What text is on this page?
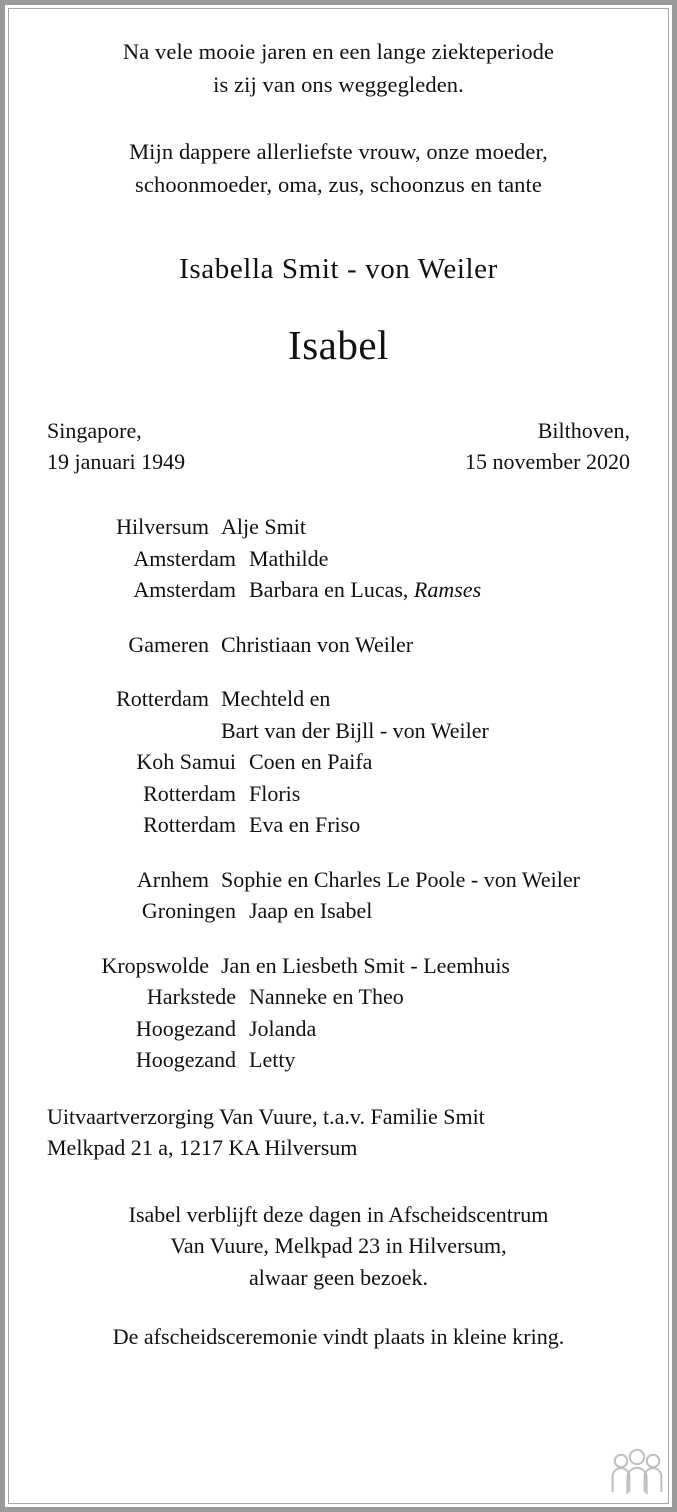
Na vele mooie jaren en een lange ziekteperiode
is zij van ons weggegleden.
Mijn dappere allerliefste vrouw, onze moeder,
schoonmoeder, oma, zus, schoonzus en tante
Isabella Smit - von Weiler
Isabel
Singapore,
19 januari 1949
Bilthoven,
15 november 2020
Hilversum Alje Smit
Amsterdam Mathilde
Amsterdam Barbara en Lucas, Ramses
Gameren Christiaan von Weiler
Rotterdam Mechteld en
Bart van der Bijll - von Weiler
Koh Samui Coen en Paifa
Rotterdam Floris
Rotterdam Eva en Friso
Arnhem Sophie en Charles Le Poole - von Weiler
Groningen Jaap en Isabel
Kropswolde Jan en Liesbeth Smit - Leemhuis
Harkstede Nanneke en Theo
Hoogezand Jolanda
Hoogezand Letty
Uitvaartverzorging Van Vuure, t.a.v. Familie Smit
Melkpad 21 a, 1217 KA Hilversum
Isabel verblijft deze dagen in Afscheidscentrum
Van Vuure, Melkpad 23 in Hilversum,
alwaar geen bezoek.
De afscheidsceremonie vindt plaats in kleine kring.
